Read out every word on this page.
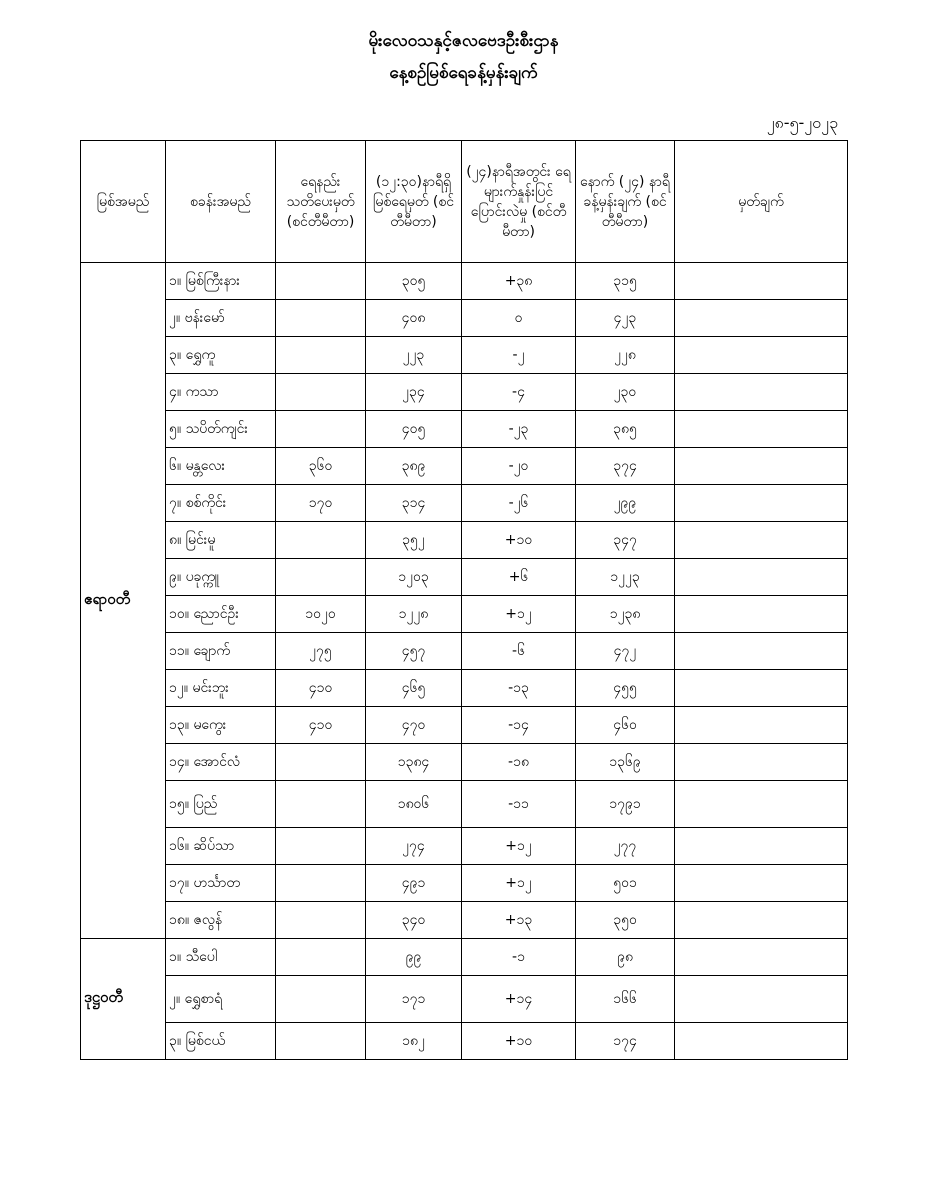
မိုးလေဝသနှင့်ဇလဗေဒဦးစီးဌာန
နေ့စဉ်မြစ်ရေခန့်မှန်းချက်
၂၈-၅-၂၀၂၃
မြစ်အမည်	စခန်းအမည်	ရေနည်း သတိပေးမှတ် (စင်တီမီတာ)	(၁၂:၃၀)နာရီရှိ မြစ်ရေမှတ် (စင်တီမီတာ)	(၂၄)နာရီအတွင်း ရေများက်နှုန်းပြင် ပြောင်းလဲမှု (စင်တီမီတာ)	နောက် (၂၄) နာရီ ခန့်မှန်းချက် (စင်တီမီတာ)	မှတ်ချက်
ဧရာဝတီ	၁။ မြစ်ကြီးနား		၃၀၅	+၃၈	၃၁၅	
	၂။ ဗန်းမော်		၄၀၈	၀	၄၂၃	
	၃။ ရွှေကူ		၂၂၃	-၂	၂၂၈	
	၄။ ကသာ		၂၃၄	-၄	၂၃၀	
	၅။ သပိတ်ကျင်း		၄၀၅	-၂၃	၃၈၅	
	၆။ မန္တလေး	၃၆၀	၃၈၉	-၂၀	၃၇၄	
	၇။ စစ်ကိုင်း	၁၇၀	၃၁၄	-၂၆	၂၉၉	
	၈။ မြင်းမူ		၃၅၂	+၁၀	၃၄၇	
	၉။ ပခုက္ကူ		၁၂၀၃	+၆	၁၂၂၃	
	၁၀။ ညောင်ဦး	၁၀၂၀	၁၂၂၈	+၁၂	၁၂၃၈	
	၁၁။ ချောက်	၂၇၅	၄၅၇	-၆	၄၇၂	
	၁၂။ မင်းဘူး	၄၁၀	၄၆၅	-၁၃	၄၅၅	
	၁၃။ မကွေး	၄၁၀	၄၇၀	-၁၄	၄၆၀	
	၁၄။ အောင်လံ		၁၃၈၄	-၁၈	၁၃၆၉	
	၁၅။ ပြည်		၁၈၀၆	-၁၁	၁၇၉၁	
	၁၆။ ဆိပ်သာ		၂၇၄	+၁၂	၂၇၇	
	၁၇။ ဟင်္သာတ		၄၉၁	+၁၂	၅၀၁	
	၁၈။ ဇလွန်		၃၄၀	+၁၃	၃၅၀	
ဒုဋ္ဌဝတီ	၁။ သီပေါ		၉၉	-၁	၉၈	
	၂။ ရွှေစာရံ		၁၇၁	+၁၄	၁၆၆	
	၃။ မြစ်ငယ်		၁၈၂	+၁၀	၁၇၄	
